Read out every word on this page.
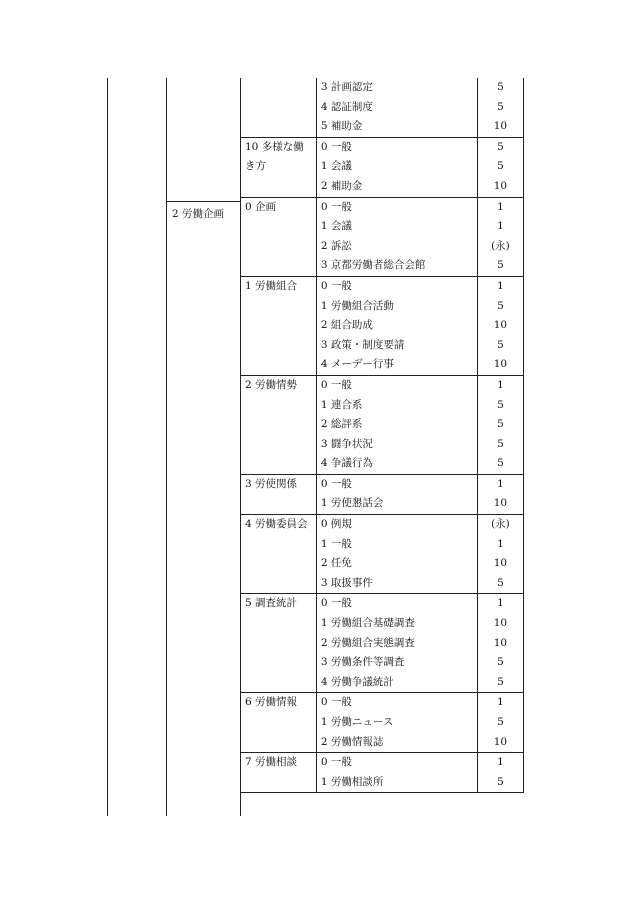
2 労働企画
	3 計画認定	5
	4 認証制度	5
	5 補助金	10

10 多様な働き方	0 一般	5
	1 会議	5
	2 補助金	10

0 企画	0 一般	1
	1 会議	1
	2 訴訟	(永)
	3 京都労働者総合会館	5

1 労働組合	0 一般	1
	1 労働組合活動	5
	2 組合助成	10
	3 政策・制度要請	5
	4 メーデー行事	10

2 労働情勢	0 一般	1
	1 連合系	5
	2 総評系	5
	3 闘争状況	5
	4 争議行為	5

3 労使関係	0 一般	1
	1 労使懇話会	10

4 労働委員会	0 例規	(永)
	1 一般	1
	2 任免	10
	3 取扱事件	5

5 調査統計	0 一般	1
	1 労働組合基礎調査	10
	2 労働組合実態調査	10
	3 労働条件等調査	5
	4 労働争議統計	5

6 労働情報	0 一般	1
	1 労働ニュース	5
	2 労働情報誌	10

7 労働相談	0 一般	1
	1 労働相談所	5
